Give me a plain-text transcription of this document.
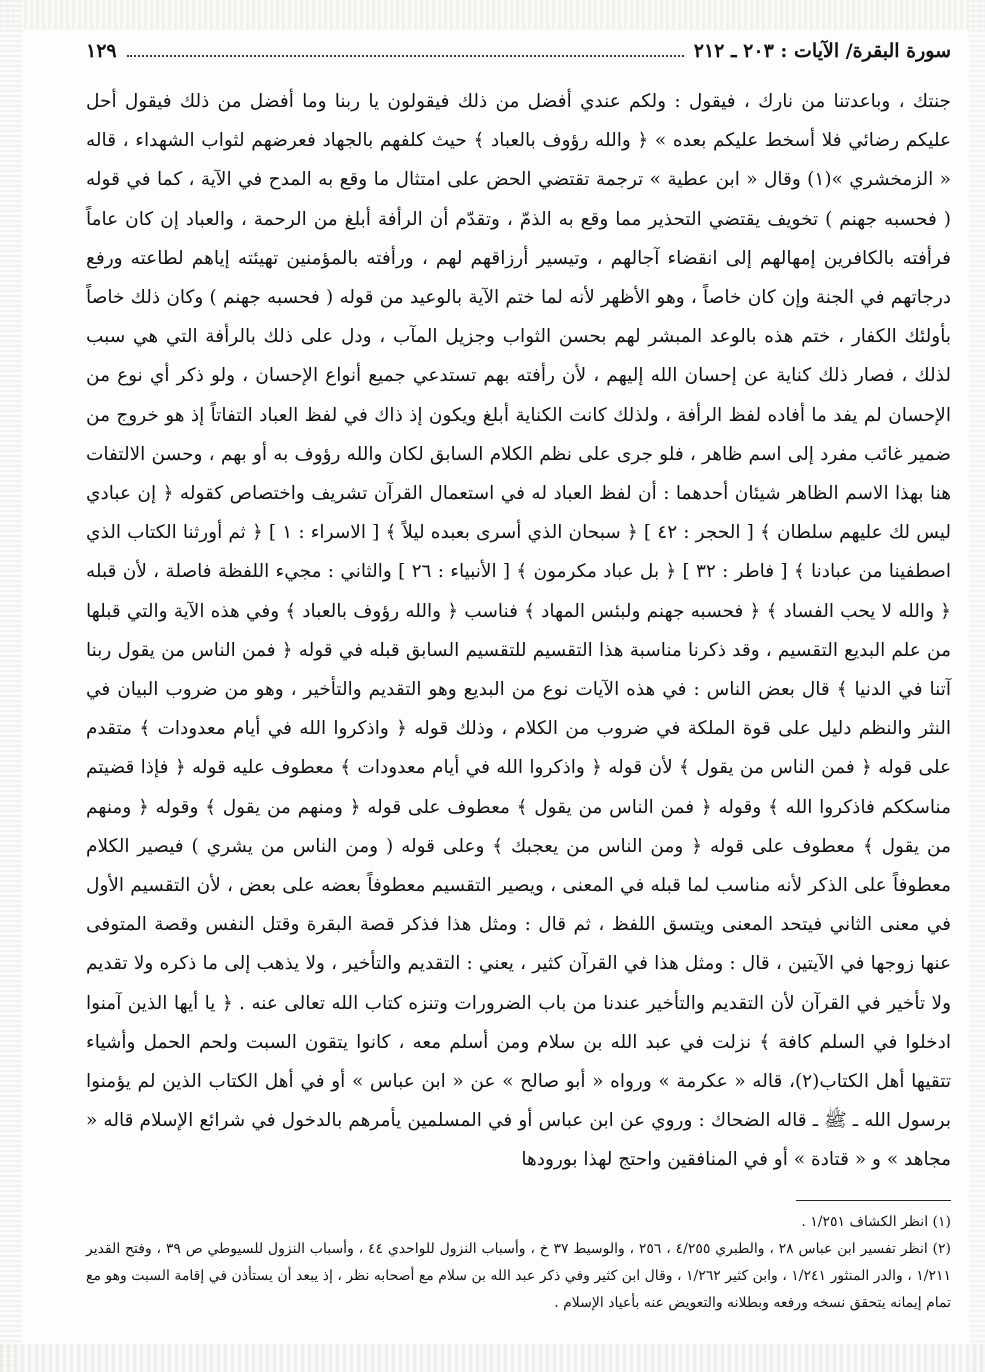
سورة البقرة/ الآيات : ٢٠٣ ـ ٢١٢
١٢٩

جنتك ، وباعدتنا من نارك ، فيقول : ولكم عندي أفضل من ذلك فيقولون يا ربنا وما أفضل من ذلك فيقول أحل عليكم رضائي فلا أسخط عليكم بعده » ﴿ والله رؤوف بالعباد ﴾ حيث كلفهم بالجهاد فعرضهم لثواب الشهداء ، قاله « الزمخشري »(١) وقال « ابن عطية » ترجمة تقتضي الحض على امتثال ما وقع به المدح في الآية ، كما في قوله ( فحسبه جهنم ) تخويف يقتضي التحذير مما وقع به الذمّ ، وتقدّم أن الرأفة أبلغ من الرحمة ، والعباد إن كان عاماً فرأفته بالكافرين إمهالهم إلى انقضاء آجالهم ، وتيسير أرزاقهم لهم ، ورأفته بالمؤمنين تهيئته إياهم لطاعته ورفع درجاتهم في الجنة وإن كان خاصاً ، وهو الأظهر لأنه لما ختم الآية بالوعيد من قوله ( فحسبه جهنم ) وكان ذلك خاصاً بأولئك الكفار ، ختم هذه بالوعد المبشر لهم بحسن الثواب وجزيل المآب ، ودل على ذلك بالرأفة التي هي سبب لذلك ، فصار ذلك كناية عن إحسان الله إليهم ، لأن رأفته بهم تستدعي جميع أنواع الإحسان ، ولو ذكر أي نوع من الإحسان لم يفد ما أفاده لفظ الرأفة ، ولذلك كانت الكناية أبلغ ويكون إذ ذاك في لفظ العباد التفاتاً إذ هو خروج من ضمير غائب مفرد إلى اسم ظاهر ، فلو جرى على نظم الكلام السابق لكان والله رؤوف به أو بهم ، وحسن الالتفات هنا بهذا الاسم الظاهر شيئان أحدهما : أن لفظ العباد له في استعمال القرآن تشريف واختصاص كقوله ﴿ إن عبادي ليس لك عليهم سلطان ﴾ [ الحجر : ٤٢ ] ﴿ سبحان الذي أسرى بعبده ليلاً ﴾ [ الاسراء : ١ ] ﴿ ثم أورثنا الكتاب الذي اصطفينا من عبادنا ﴾ [ فاطر : ٣٢ ] ﴿ بل عباد مكرمون ﴾ [ الأنبياء : ٢٦ ] والثاني : مجيء اللفظة فاصلة ، لأن قبله ﴿ والله لا يحب الفساد ﴾ ﴿ فحسبه جهنم ولبئس المهاد ﴾ فناسب ﴿ والله رؤوف بالعباد ﴾ وفي هذه الآية والتي قبلها من علم البديع التقسيم ، وقد ذكرنا مناسبة هذا التقسيم للتقسيم السابق قبله في قوله ﴿ فمن الناس من يقول ربنا آتنا في الدنيا ﴾ قال بعض الناس : في هذه الآيات نوع من البديع وهو التقديم والتأخير ، وهو من ضروب البيان في النثر والنظم دليل على قوة الملكة في ضروب من الكلام ، وذلك قوله ﴿ واذكروا الله في أيام معدودات ﴾ متقدم على قوله ﴿ فمن الناس من يقول ﴾ لأن قوله ﴿ واذكروا الله في أيام معدودات ﴾ معطوف عليه قوله ﴿ فإذا قضيتم مناسككم فاذكروا الله ﴾ وقوله ﴿ فمن الناس من يقول ﴾ معطوف على قوله ﴿ ومنهم من يقول ﴾ وقوله ﴿ ومنهم من يقول ﴾ معطوف على قوله ﴿ ومن الناس من يعجبك ﴾ وعلى قوله ( ومن الناس من يشري ) فيصير الكلام معطوفاً على الذكر لأنه مناسب لما قبله في المعنى ، ويصير التقسيم معطوفاً بعضه على بعض ، لأن التقسيم الأول في معنى الثاني فيتحد المعنى ويتسق اللفظ ، ثم قال : ومثل هذا فذكر قصة البقرة وقتل النفس وقصة المتوفى عنها زوجها في الآيتين ، قال : ومثل هذا في القرآن كثير ، يعني : التقديم والتأخير ، ولا يذهب إلى ما ذكره ولا تقديم ولا تأخير في القرآن لأن التقديم والتأخير عندنا من باب الضرورات وتنزه كتاب الله تعالى عنه . ﴿ يا أيها الذين آمنوا ادخلوا في السلم كافة ﴾ نزلت في عبد الله بن سلام ومن أسلم معه ، كانوا يتقون السبت ولحم الحمل وأشياء تتقيها أهل الكتاب(٢)، قاله « عكرمة » ورواه « أبو صالح » عن « ابن عباس » أو في أهل الكتاب الذين لم يؤمنوا برسول الله ـ ﷺ ـ قاله الضحاك : وروي عن ابن عباس أو في المسلمين يأمرهم بالدخول في شرائع الإسلام قاله « مجاهد » و « قتادة » أو في المنافقين واحتج لهذا بورودها

(١) انظر الكشاف ١/٢٥١ .

(٢) انظر تفسير ابن عباس ٢٨ ، والطبري ٤/٢٥٥ ، ٢٥٦ ، والوسيط ٣٧ خ ، وأسباب النزول للواحدي ٤٤ ، وأسباب النزول للسيوطي ص ٣٩ ، وفتح القدير ١/٢١١ ، والدر المنثور ١/٢٤١ ، وابن كثير ١/٢٦٢ ، وقال ابن كثير وفي ذكر عبد الله بن سلام مع أصحابه نظر ، إذ يبعد أن يستأذن في إقامة السبت وهو مع تمام إيمانه يتحقق نسخه ورفعه وبطلانه والتعويض عنه بأعياد الإسلام .
